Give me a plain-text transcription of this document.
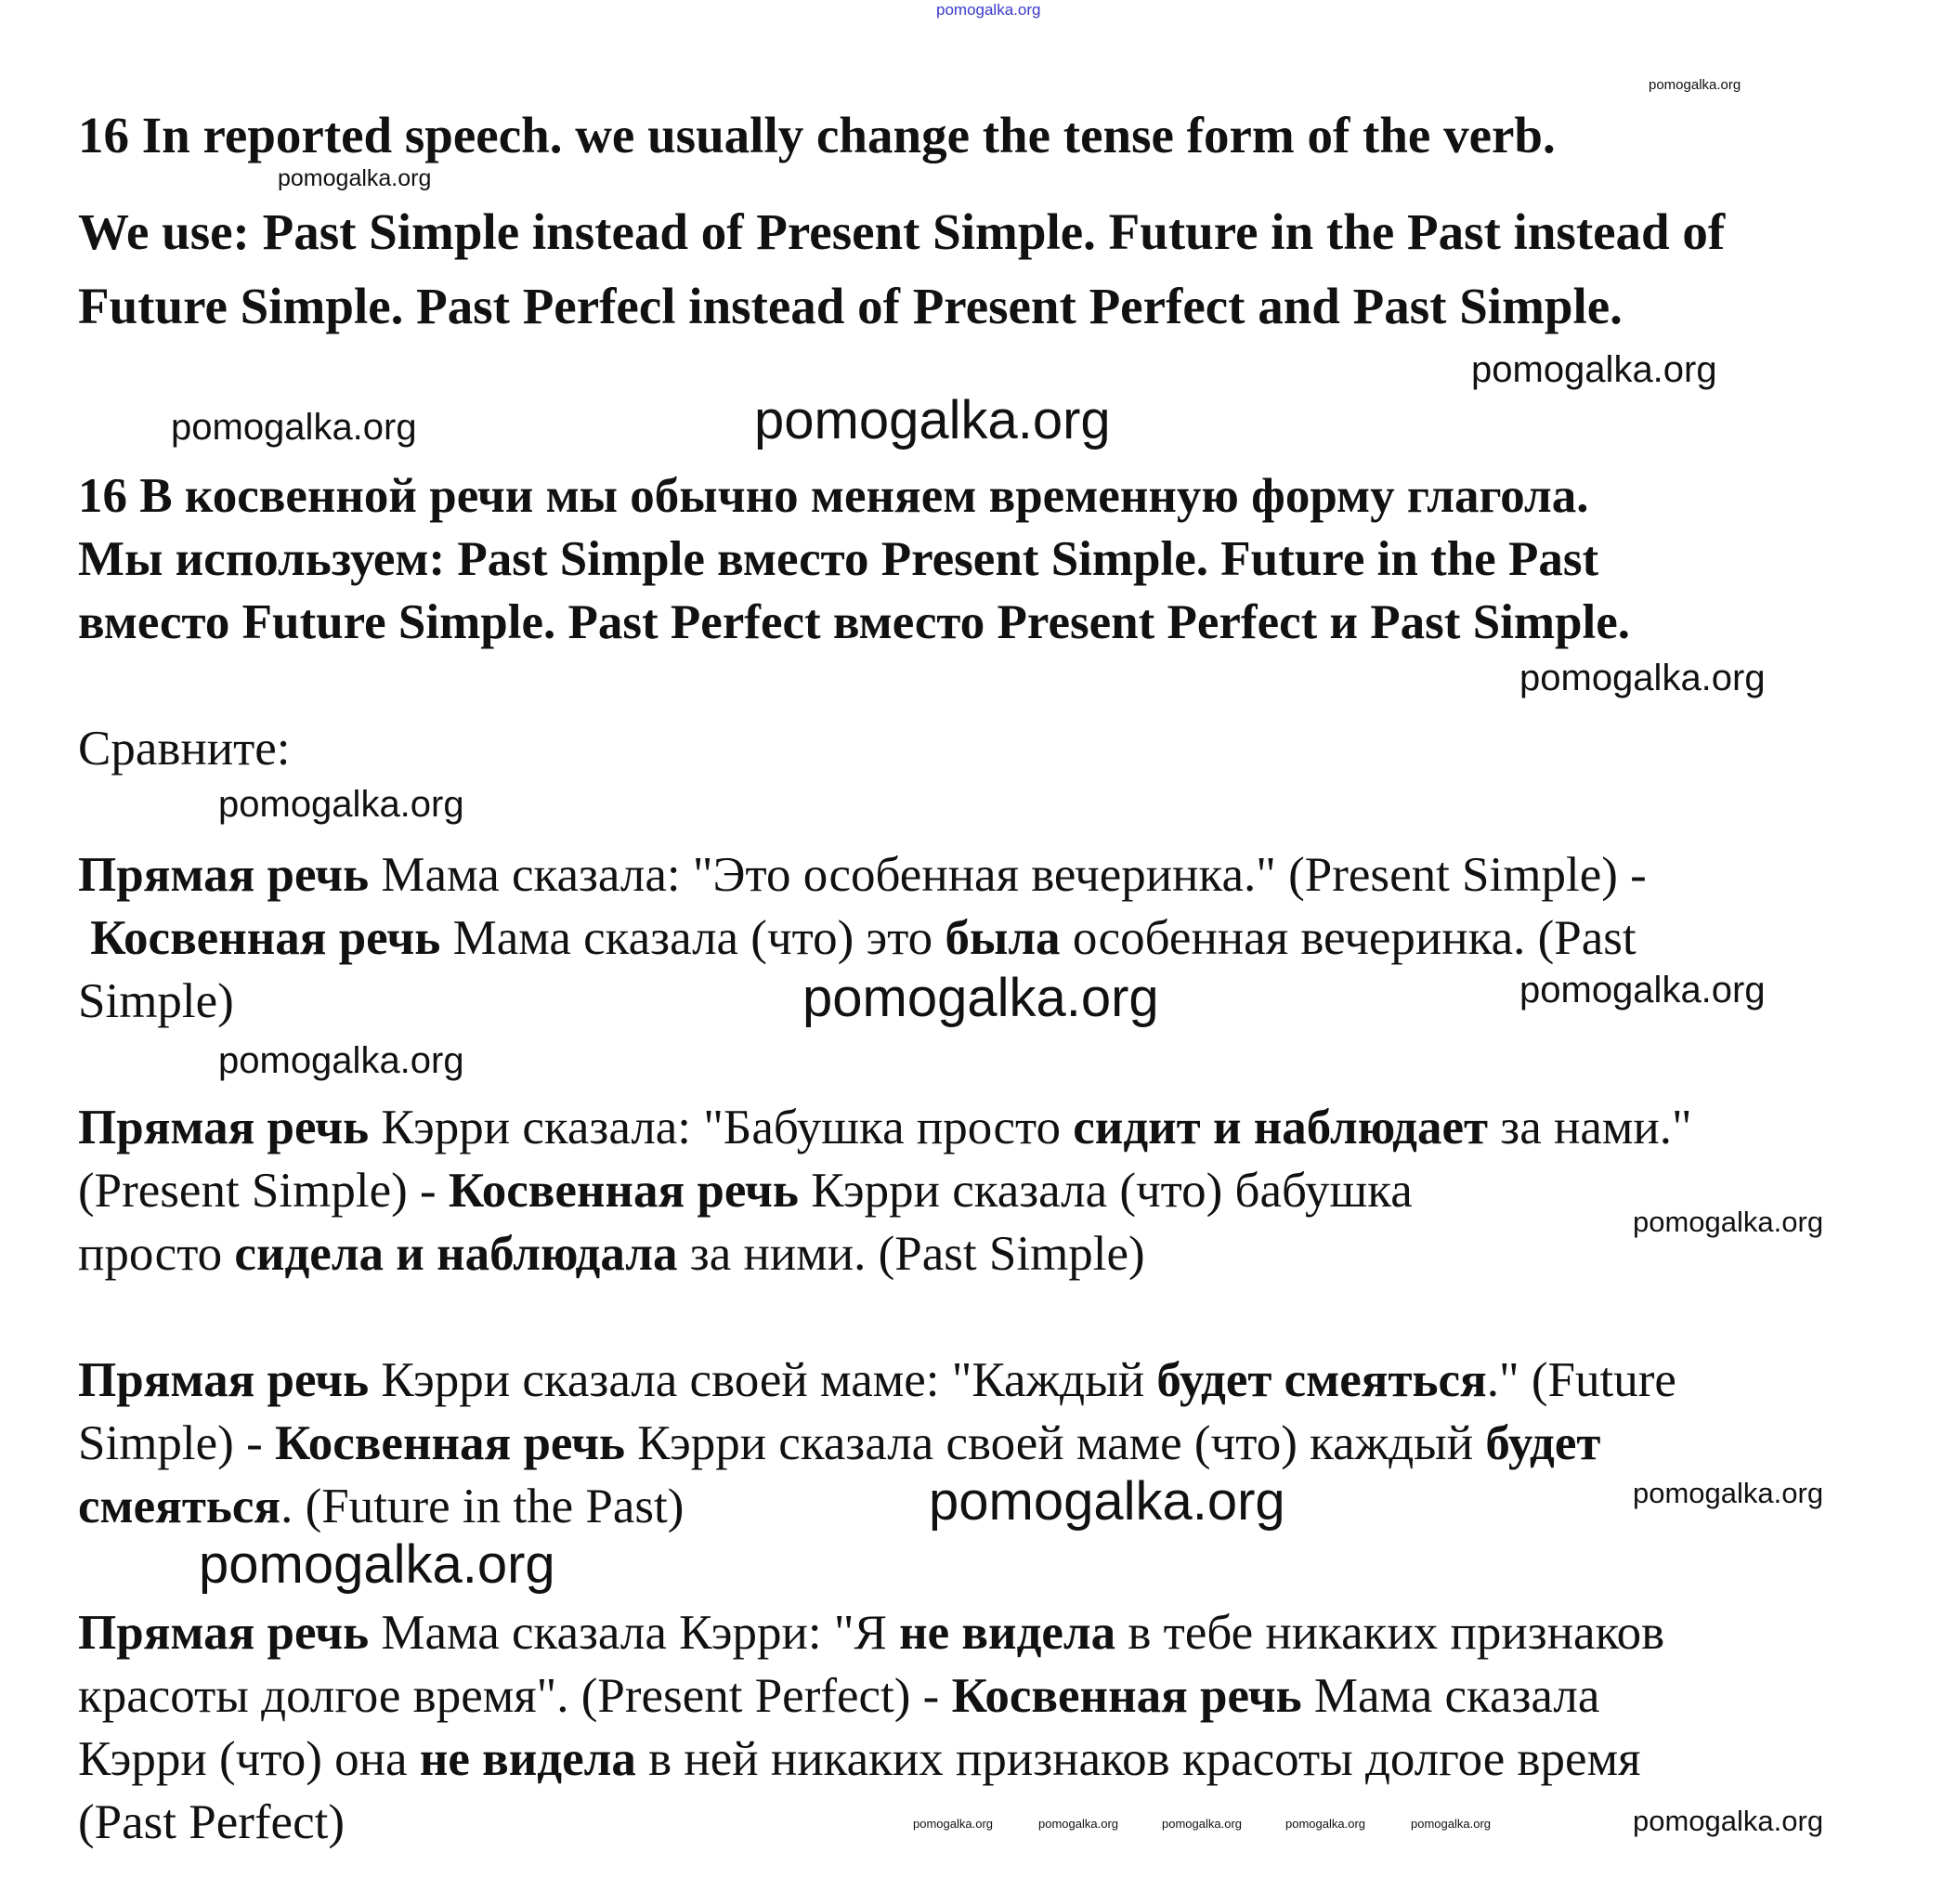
pomogalka.org
16 In reported speech. we usually change the tense form of the verb.
We use: Past Simple instead of Present Simple. Future in the Past instead of
Future Simple. Past Perfecl instead of Present Perfect and Past Simple.
16 В косвенной речи мы обычно меняем временную форму глагола.
Мы используем: Past Simple вместо Present Simple. Future in the Past
вместо Future Simple. Past Perfect вместо Present Perfect и Past Simple.
Сравните:
Прямая речь Мама сказала: "Это особенная вечеринка." (Present Simple) -
Косвенная речь Мама сказала (что) это была особенная вечеринка. (Past
Simple)
Прямая речь Кэрри сказала: "Бабушка просто сидит и наблюдает за нами."
(Present Simple) - Косвенная речь Кэрри сказала (что) бабушка
просто сидела и наблюдала за ними. (Past Simple)
Прямая речь Кэрри сказала своей маме: "Каждый будет смеяться." (Future
Simple) - Косвенная речь Кэрри сказала своей маме (что) каждый будет
смеяться. (Future in the Past)
Прямая речь Мама сказала Кэрри: "Я не видела в тебе никаких признаков
красоты долгое время". (Present Perfect) - Косвенная речь Мама сказала
Кэрри (что) она не видела в ней никаких признаков красоты долгое время
(Past Perfect)
pomogalka.org
pomogalka.org
pomogalka.org
pomogalka.org	pomogalka.org
pomogalka.org
pomogalka.org
pomogalka.org	pomogalka.org
pomogalka.org
pomogalka.org
pomogalka.org	pomogalka.org
pomogalka.org
pomogalka.org
pomogalka.org	pomogalka.org	pomogalka.org	pomogalka.org	pomogalka.org
